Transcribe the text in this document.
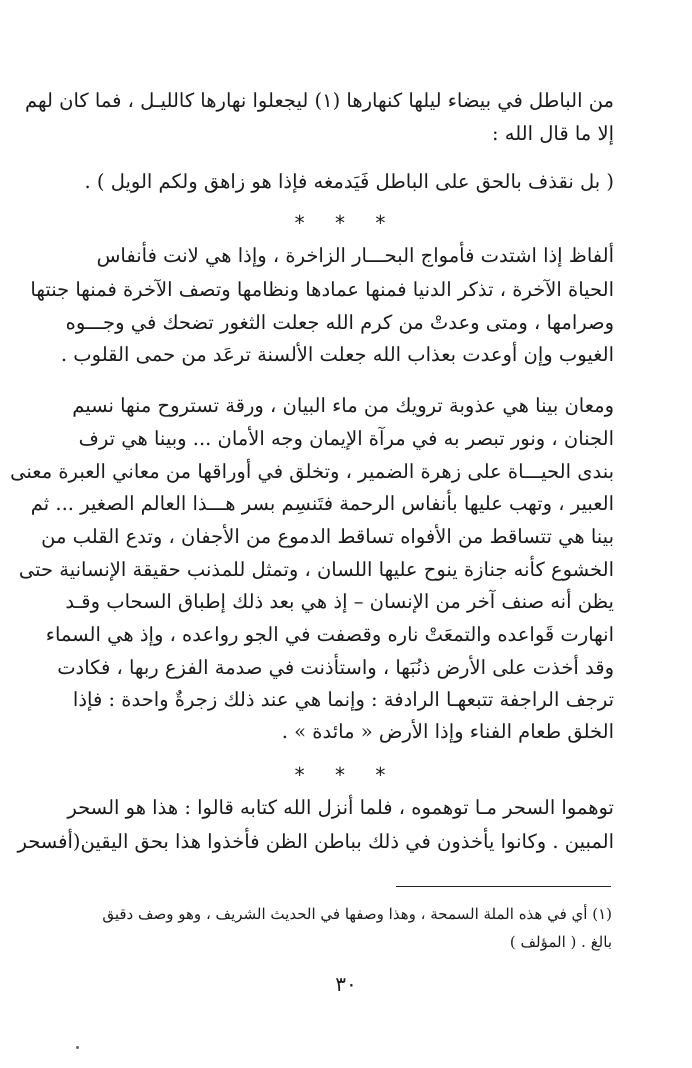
من الباطل في بيضاء ليلها كنهارها (١) ليجعلوا نهارها كالليـل ، فما كان لهم
إلا ما قال الله :
( بل نقذف بالحق على الباطل فَيَدمغه فإذا هو زاهق ولكم الويل ) .
* * *
ألفاظ إذا اشتدت فأمواج البحـــار الزاخرة ، وإذا هي لانت فأنفاس
الحياة الآخرة ، تذكر الدنيا فمنها عمادها ونظامها وتصف الآخرة فمنها جنتها
وصرامها ، ومتى وعدتْ من كرم الله جعلت الثغور تضحك في وجـــوه
الغيوب وإن أوعدت بعذاب الله جعلت الألسنة ترعَد من حمى القلوب .
ومعان بينا هي عذوبة ترويك من ماء البيان ، ورقة تستروح منها نسيم
الجنان ، ونور تبصر به في مرآة الإيمان وجه الأمان ... وبينا هي ترف
بندى الحيـــاة على زهرة الضمير ، وتخلق في أوراقها من معاني العبرة معنى
العبير ، وتهب عليها بأنفاس الرحمة فتَنسِم بسر هـــذا العالم الصغير ... ثم
بينا هي تتساقط من الأفواه تساقط الدموع من الأجفان ، وتدع القلب من
الخشوع كأنه جنازة ينوح عليها اللسان ، وتمثل للمذنب حقيقة الإنسانية حتى
يظن أنه صنف آخر من الإنسان – إذ هي بعد ذلك إطباق السحاب وقـد
انهارت قَواعده والتمعَتْ ناره وقصفت في الجو رواعده ، وإذ هي السماء
وقد أخذت على الأرض ذنُبَها ، واستأذنت في صدمة الفزع ربها ، فكادت
ترجف الراجفة تتبعهـا الرادفة : وإنما هي عند ذلك زجرةٌ واحدة : فإذا
الخلق طعام الفناء وإذا الأرض « مائدة » .
* * *
توهموا السحر مـا توهموه ، فلما أنزل الله كتابه قالوا : هذا هو السحر
المبين . وكانوا يأخذون في ذلك بباطن الظن فأخذوا هذا بحق اليقين(أفسحر
(١) أي في هذه الملة السمحة ، وهذا وصفها في الحديث الشريف ، وهو وصف دقيق
بالغ . ( المؤلف )
٣٠
